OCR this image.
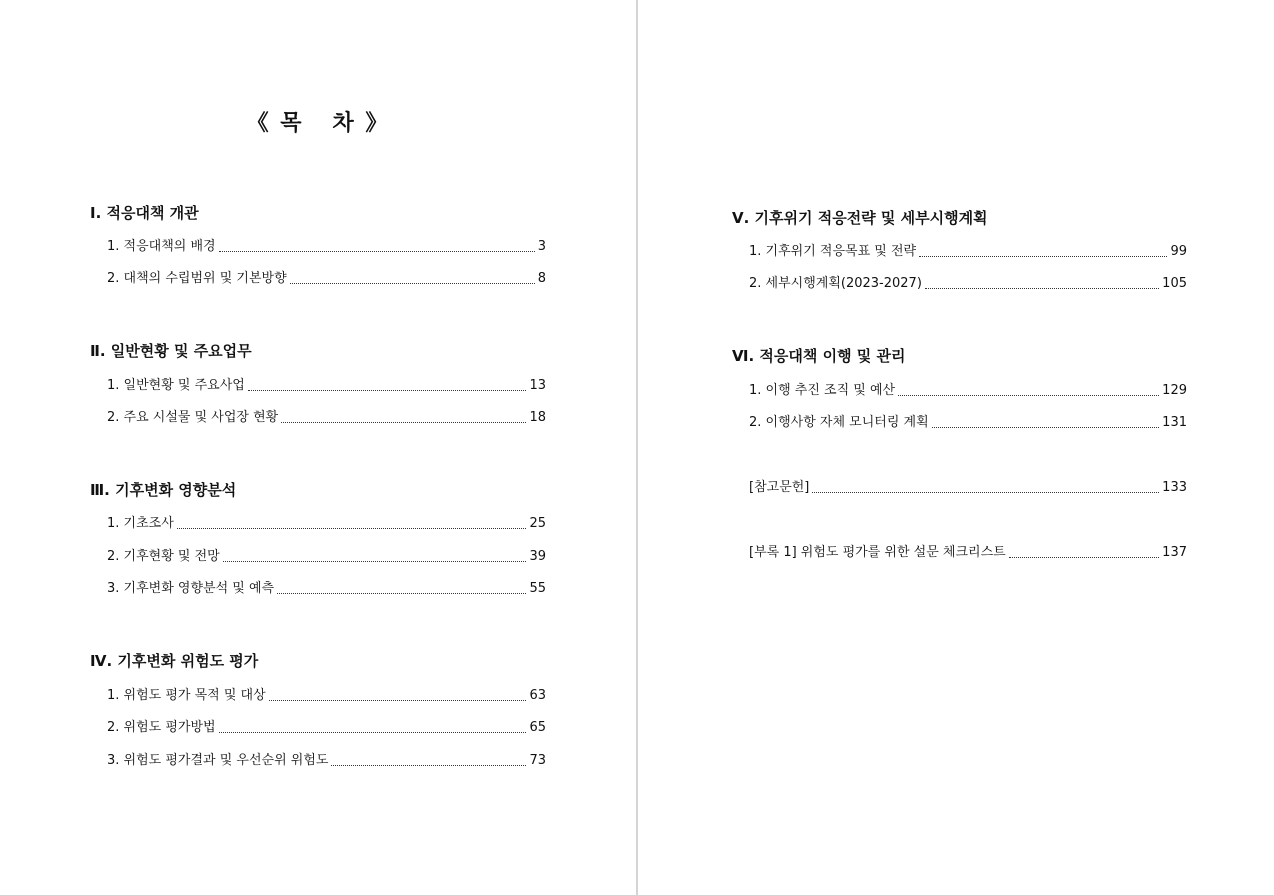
《 목   차 》
Ⅰ. 적응대책 개관
1. 적응대책의 배경	3
2. 대책의 수립범위 및 기본방향	8
Ⅱ. 일반현황 및 주요업무
1. 일반현황 및 주요사업	13
2. 주요 시설물 및 사업장 현황	18
Ⅲ. 기후변화 영향분석
1. 기초조사	25
2. 기후현황 및 전망	39
3. 기후변화 영향분석 및 예측	55
Ⅳ. 기후변화 위험도 평가
1. 위험도 평가 목적 및 대상	63
2. 위험도 평가방법	65
3. 위험도 평가결과 및 우선순위 위험도	73
Ⅴ. 기후위기 적응전략 및 세부시행계획
1. 기후위기 적응목표 및 전략	99
2. 세부시행계획(2023-2027)	105
Ⅵ. 적응대책 이행 및 관리
1. 이행 추진 조직 및 예산	129
2. 이행사항 자체 모니터링 계획	131
[참고문헌]	133
[부록 1] 위험도 평가를 위한 설문 체크리스트	137
